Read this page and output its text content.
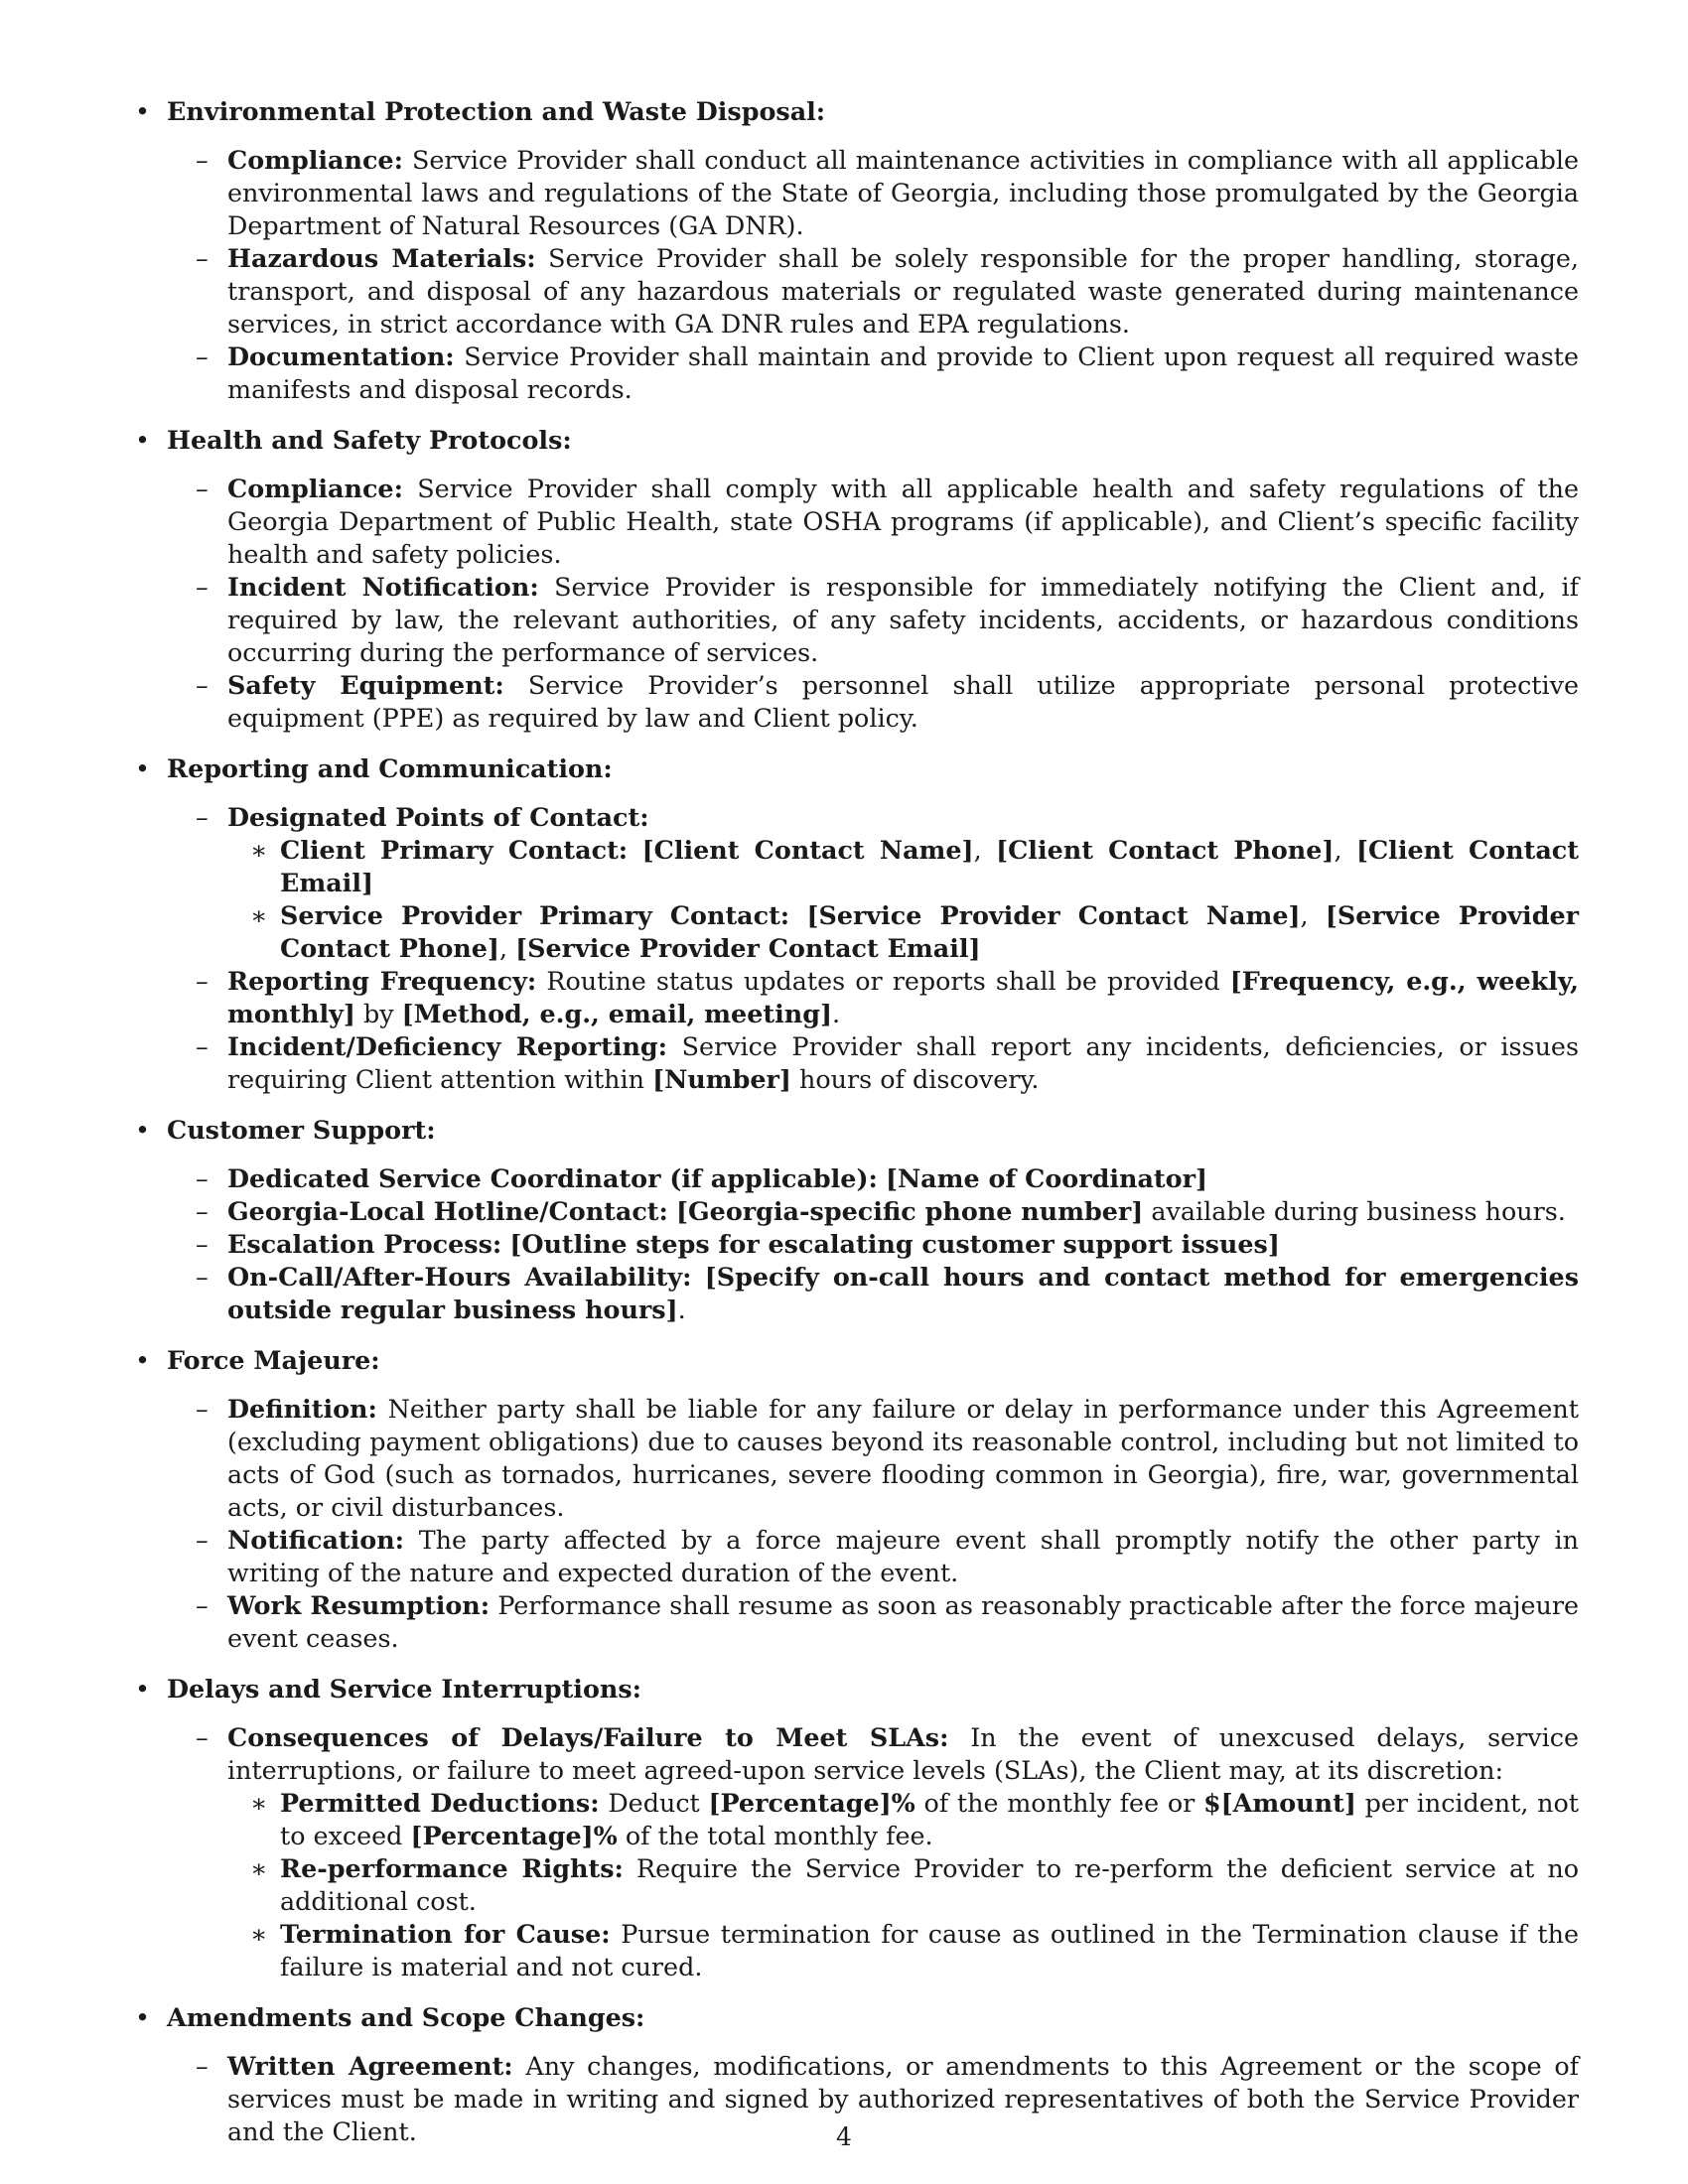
• Environmental Protection and Waste Disposal:
– Compliance: Service Provider shall conduct all maintenance activities in compliance with all applicable environmental laws and regulations of the State of Georgia, including those promulgated by the Georgia Department of Natural Resources (GA DNR).
– Hazardous Materials: Service Provider shall be solely responsible for the proper handling, storage, transport, and disposal of any hazardous materials or regulated waste generated during maintenance services, in strict accordance with GA DNR rules and EPA regulations.
– Documentation: Service Provider shall maintain and provide to Client upon request all required waste manifests and disposal records.
• Health and Safety Protocols:
– Compliance: Service Provider shall comply with all applicable health and safety regulations of the Georgia Department of Public Health, state OSHA programs (if applicable), and Client’s specific facility health and safety policies.
– Incident Notification: Service Provider is responsible for immediately notifying the Client and, if required by law, the relevant authorities, of any safety incidents, accidents, or hazardous conditions occurring during the performance of services.
– Safety Equipment: Service Provider’s personnel shall utilize appropriate personal protective equipment (PPE) as required by law and Client policy.
• Reporting and Communication:
– Designated Points of Contact:
∗ Client Primary Contact: [Client Contact Name], [Client Contact Phone], [Client Contact Email]
∗ Service Provider Primary Contact: [Service Provider Contact Name], [Service Provider Contact Phone], [Service Provider Contact Email]
– Reporting Frequency: Routine status updates or reports shall be provided [Frequency, e.g., weekly, monthly] by [Method, e.g., email, meeting].
– Incident/Deficiency Reporting: Service Provider shall report any incidents, deficiencies, or issues requiring Client attention within [Number] hours of discovery.
• Customer Support:
– Dedicated Service Coordinator (if applicable): [Name of Coordinator]
– Georgia-Local Hotline/Contact: [Georgia-specific phone number] available during business hours.
– Escalation Process: [Outline steps for escalating customer support issues]
– On-Call/After-Hours Availability: [Specify on-call hours and contact method for emergencies outside regular business hours].
• Force Majeure:
– Definition: Neither party shall be liable for any failure or delay in performance under this Agreement (excluding payment obligations) due to causes beyond its reasonable control, including but not limited to acts of God (such as tornados, hurricanes, severe flooding common in Georgia), fire, war, governmental acts, or civil disturbances.
– Notification: The party affected by a force majeure event shall promptly notify the other party in writing of the nature and expected duration of the event.
– Work Resumption: Performance shall resume as soon as reasonably practicable after the force majeure event ceases.
• Delays and Service Interruptions:
– Consequences of Delays/Failure to Meet SLAs: In the event of unexcused delays, service interruptions, or failure to meet agreed-upon service levels (SLAs), the Client may, at its discretion:
∗ Permitted Deductions: Deduct [Percentage]% of the monthly fee or $[Amount] per incident, not to exceed [Percentage]% of the total monthly fee.
∗ Re-performance Rights: Require the Service Provider to re-perform the deficient service at no additional cost.
∗ Termination for Cause: Pursue termination for cause as outlined in the Termination clause if the failure is material and not cured.
• Amendments and Scope Changes:
– Written Agreement: Any changes, modifications, or amendments to this Agreement or the scope of services must be made in writing and signed by authorized representatives of both the Service Provider and the Client.	4
